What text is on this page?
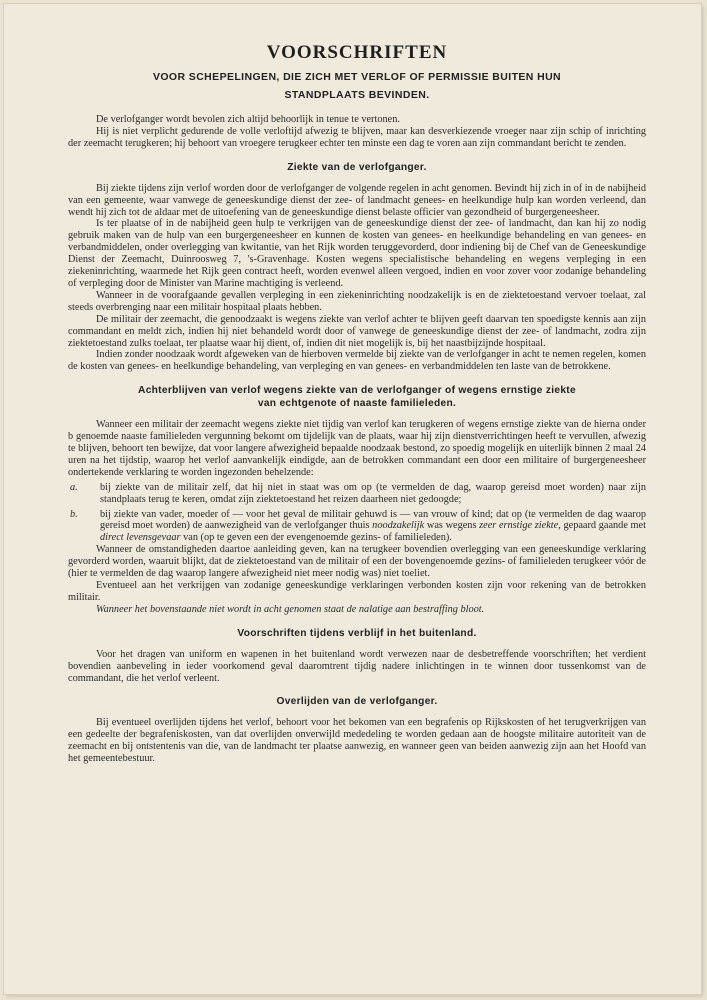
VOORSCHRIFTEN
VOOR SCHEPELINGEN, DIE ZICH MET VERLOF OF PERMISSIE BUITEN HUN
STANDPLAATS BEVINDEN.

De verlofganger wordt bevolen zich altijd behoorlijk in tenue te vertonen.

Hij is niet verplicht gedurende de volle verloftijd afwezig te blijven, maar kan desverkiezende vroeger naar zijn schip of inrichting der zeemacht terugkeren; hij behoort van vroegere terugkeer echter ten minste een dag te voren aan zijn commandant bericht te zenden.

Ziekte van de verlofganger.

Bij ziekte tijdens zijn verlof worden door de verlofganger de volgende regelen in acht genomen. Bevindt hij zich in of in de nabijheid van een gemeente, waar vanwege de geneeskundige dienst der zee- of landmacht genees- en heelkundige hulp kan worden verleend, dan wendt hij zich tot de aldaar met de uitoefening van de geneeskundige dienst belaste officier van gezondheid of burgergeneesheer.

Is ter plaatse of in de nabijheid geen hulp te verkrijgen van de geneeskundige dienst der zee- of landmacht, dan kan hij zo nodig gebruik maken van de hulp van een burgergeneesheer en kunnen de kosten van genees- en heelkundige behandeling en van genees- en verbandmiddelen, onder overlegging van kwitantie, van het Rijk worden teruggevorderd, door indiening bij de Chef van de Geneeskundige Dienst der Zeemacht, Duinroosweg 7, 's-Gravenhage. Kosten wegens specialistische behandeling en wegens verpleging in een ziekeninrichting, waarmede het Rijk geen contract heeft, worden evenwel alleen vergoed, indien en voor zover voor zodanige behandeling of verpleging door de Minister van Marine machtiging is verleend.

Wanneer in de voorafgaande gevallen verpleging in een ziekeninrichting noodzakelijk is en de ziektetoestand vervoer toelaat, zal steeds overbrenging naar een militair hospitaal plaats hebben.

De militair der zeemacht, die genoodzaakt is wegens ziekte van verlof achter te blijven geeft daarvan ten spoedigste kennis aan zijn commandant en meldt zich, indien hij niet behandeld wordt door of vanwege de geneeskundige dienst der zee- of landmacht, zodra zijn ziektetoestand zulks toelaat, ter plaatse waar hij dient, of, indien dit niet mogelijk is, bij het naastbijzijnde hospitaal.

Indien zonder noodzaak wordt afgeweken van de hierboven vermelde bij ziekte van de verlofganger in acht te nemen regelen, komen de kosten van genees- en heelkundige behandeling, van verpleging en van genees- en verbandmiddelen ten laste van de betrokkene.

Achterblijven van verlof wegens ziekte van de verlofganger of wegens ernstige ziekte
van echtgenote of naaste familieleden.

Wanneer een militair der zeemacht wegens ziekte niet tijdig van verlof kan terugkeren of wegens ernstige ziekte van de hierna onder b genoemde naaste familieleden vergunning bekomt om tijdelijk van de plaats, waar hij zijn dienstverrichtingen heeft te vervullen, afwezig te blijven, behoort ten bewijze, dat voor langere afwezigheid bepaalde noodzaak bestond, zo spoedig mogelijk en uiterlijk binnen 2 maal 24 uren na het tijdstip, waarop het verlof aanvankelijk eindigde, aan de betrokken commandant een door een militaire of burgergeneesheer ondertekende verklaring te worden ingezonden behelzende:

a.	bij ziekte van de militair zelf, dat hij niet in staat was om op (te vermelden de dag, waarop gereisd moet worden) naar zijn standplaats terug te keren, omdat zijn ziektetoestand het reizen daarheen niet gedoogde;
b.	bij ziekte van vader, moeder of — voor het geval de militair gehuwd is — van vrouw of kind; dat op (te vermelden de dag waarop gereisd moet worden) de aanwezigheid van de verlofganger thuis noodzakelijk was wegens zeer ernstige ziekte, gepaard gaande met direct levensgevaar van (op te geven een der evengenoemde gezins- of familieleden).

Wanneer de omstandigheden daartoe aanleiding geven, kan na terugkeer bovendien overlegging van een geneeskundige verklaring gevorderd worden, waaruit blijkt, dat de ziektetoestand van de militair of een der bovengenoemde gezins- of familieleden terugkeer vóór de (hier te vermelden de dag waarop langere afwezigheid niet meer nodig was) niet toeliet.

Eventueel aan het verkrijgen van zodanige geneeskundige verklaringen verbonden kosten zijn voor rekening van de betrokken militair.

Wanneer het bovenstaande niet wordt in acht genomen staat de nalatige aan bestraffing bloot.

Voorschriften tijdens verblijf in het buitenland.

Voor het dragen van uniform en wapenen in het buitenland wordt verwezen naar de desbetreffende voorschriften; het verdient bovendien aanbeveling in ieder voorkomend geval daaromtrent tijdig nadere inlichtingen in te winnen door tussenkomst van de commandant, die het verlof verleent.

Overlijden van de verlofganger.

Bij eventueel overlijden tijdens het verlof, behoort voor het bekomen van een begrafenis op Rijkskosten of het terugverkrijgen van een gedeelte der begrafeniskosten, van dat overlijden onverwijld mededeling te worden gedaan aan de hoogste militaire autoriteit van de zeemacht en bij ontstentenis van die, van de landmacht ter plaatse aanwezig, en wanneer geen van beiden aanwezig zijn aan het Hoofd van het gemeentebestuur.
